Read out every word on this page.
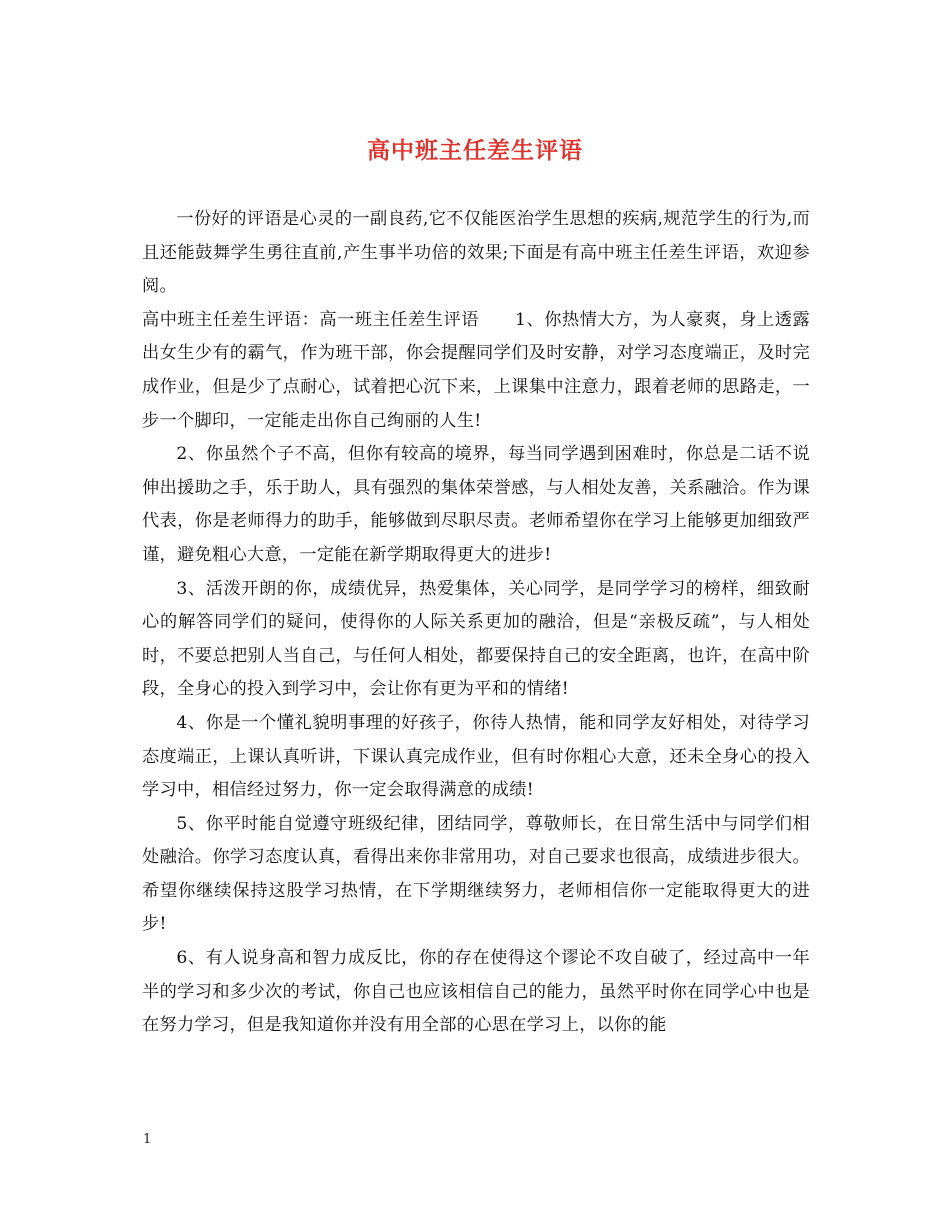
高中班主任差生评语

一份好的评语是心灵的一副良药,它不仅能医治学生思想的疾病,规范学生的行为,而且还能鼓舞学生勇往直前,产生事半功倍的效果;下面是有高中班主任差生评语，欢迎参阅。

高中班主任差生评语：高一班主任差生评语 1、你热情大方，为人豪爽，身上透露出女生少有的霸气，作为班干部，你会提醒同学们及时安静，对学习态度端正，及时完成作业，但是少了点耐心，试着把心沉下来，上课集中注意力，跟着老师的思路走，一步一个脚印，一定能走出你自己绚丽的人生!

2、你虽然个子不高，但你有较高的境界，每当同学遇到困难时，你总是二话不说伸出援助之手，乐于助人，具有强烈的集体荣誉感，与人相处友善，关系融洽。作为课代表，你是老师得力的助手，能够做到尽职尽责。老师希望你在学习上能够更加细致严谨，避免粗心大意，一定能在新学期取得更大的进步!

3、活泼开朗的你，成绩优异，热爱集体，关心同学，是同学学习的榜样，细致耐心的解答同学们的疑问，使得你的人际关系更加的融洽，但是“亲极反疏”，与人相处时，不要总把别人当自己，与任何人相处，都要保持自己的安全距离，也许，在高中阶段，全身心的投入到学习中，会让你有更为平和的情绪!

4、你是一个懂礼貌明事理的好孩子，你待人热情，能和同学友好相处，对待学习态度端正，上课认真听讲，下课认真完成作业，但有时你粗心大意，还未全身心的投入学习中，相信经过努力，你一定会取得满意的成绩!

5、你平时能自觉遵守班级纪律，团结同学，尊敬师长，在日常生活中与同学们相处融洽。你学习态度认真，看得出来你非常用功，对自己要求也很高，成绩进步很大。希望你继续保持这股学习热情，在下学期继续努力，老师相信你一定能取得更大的进步!

6、有人说身高和智力成反比，你的存在使得这个谬论不攻自破了，经过高中一年半的学习和多少次的考试，你自己也应该相信自己的能力，虽然平时你在同学心中也是在努力学习，但是我知道你并没有用全部的心思在学习上，以你的能

1
